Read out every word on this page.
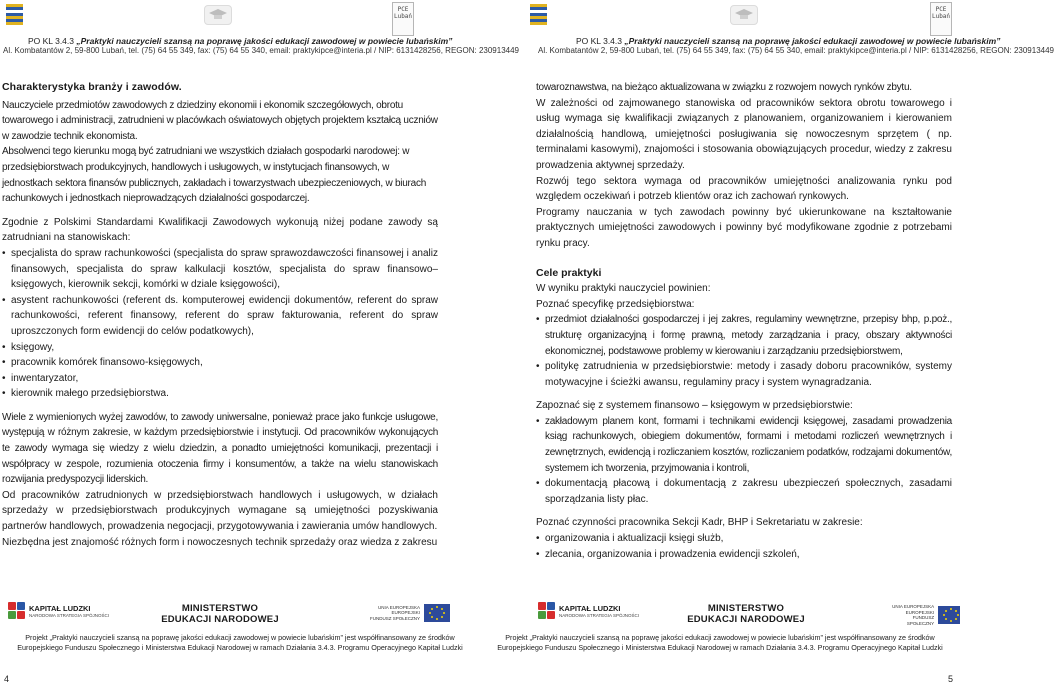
PCE Lubań
PO KL 3.4.3 „Praktyki nauczycieli szansą na poprawę jakości edukacji zawodowej w powiecie lubańskim”
Al. Kombatantów 2, 59-800 Lubań, tel. (75) 64 55 349, fax: (75) 64 55 340, email: praktykipce@interia.pl / NIP: 6131428256, REGON: 230913449

Charakterystyka branży i zawodów.

Nauczyciele przedmiotów zawodowych z dziedziny ekonomii i ekonomik szczegółowych, obrotu towarowego i administracji, zatrudnieni w placówkach oświatowych objętych projektem kształcą uczniów w zawodzie technik ekonomista.

Absolwenci tego kierunku mogą być zatrudniani we wszystkich działach gospodarki narodowej: w przedsiębiorstwach produkcyjnych, handlowych i usługowych, w instytucjach finansowych, w jednostkach sektora finansów publicznych, zakładach i towarzystwach ubezpieczeniowych, w biurach rachunkowych i jednostkach nieprowadzących działalności gospodarczej.

Zgodnie z Polskimi Standardami Kwalifikacji Zawodowych wykonują niżej podane zawody są zatrudniani na stanowiskach:

• specjalista do spraw rachunkowości (specjalista do spraw sprawozdawczości finansowej i analiz finansowych, specjalista do spraw kalkulacji kosztów, specjalista do spraw finansowo– księgowych, kierownik sekcji, komórki w dziale księgowości),
• asystent rachunkowości (referent ds. komputerowej ewidencji dokumentów, referent do spraw rachunkowości, referent finansowy, referent do spraw fakturowania, referent do spraw uproszczonych form ewidencji do celów podatkowych),
• księgowy,
• pracownik komórek finansowo-księgowych,
• inwentaryzator,
• kierownik małego przedsiębiorstwa.

Wiele z wymienionych wyżej zawodów, to zawody uniwersalne, ponieważ prace jako funkcje usługowe, występują w różnym zakresie, w każdym przedsiębiorstwie i instytucji. Od pracowników wykonujących te zawody wymaga się wiedzy z wielu dziedzin, a ponadto umiejętności komunikacji, prezentacji i współpracy w zespole, rozumienia otoczenia firmy i konsumentów, a także na wielu stanowiskach rozwijania predyspozycji liderskich.

Od pracowników zatrudnionych w przedsiębiorstwach handlowych i usługowych, w działach sprzedaży w przedsiębiorstwach produkcyjnych wymagane są umiejętności pozyskiwania partnerów handlowych, prowadzenia negocjacji, przygotowywania i zawierania umów handlowych.

Niezbędna jest znajomość różnych form i nowoczesnych technik sprzedaży oraz wiedza z zakresu

KAPITAŁ LUDZKI
NARODOWA STRATEGIA SPÓJNOŚCI
MINISTERSTWO
EDUKACJI NARODOWEJ
UNIA EUROPEJSKA
EUROPEJSKI
FUNDUSZ SPOŁECZNY
Projekt „Praktyki nauczycieli szansą na poprawę jakości edukacji zawodowej w powiecie lubańskim” jest współfinansowany ze środków
Europejskiego Funduszu Społecznego i Ministerstwa Edukacji Narodowej w ramach Działania 3.4.3. Programu Operacyjnego Kapitał Ludzki
4
PCE Lubań
PO KL 3.4.3 „Praktyki nauczycieli szansą na poprawę jakości edukacji zawodowej w powiecie lubańskim”
Al. Kombatantów 2, 59-800 Lubań, tel. (75) 64 55 349, fax: (75) 64 55 340, email: praktykipce@interia.pl / NIP: 6131428256, REGON: 230913449

towaroznawstwa, na bieżąco aktualizowana w związku z rozwojem nowych rynków zbytu.

W zależności od zajmowanego stanowiska od pracowników sektora obrotu towarowego i usług wymaga się kwalifikacji związanych z planowaniem, organizowaniem i kierowaniem działalnością handlową, umiejętności posługiwania się nowoczesnym sprzętem ( np. terminalami kasowymi), znajomości i stosowania obowiązujących procedur, wiedzy z zakresu prowadzenia aktywnej sprzedaży.

Rozwój tego sektora wymaga od pracowników umiejętności analizowania rynku pod względem oczekiwań i potrzeb klientów oraz ich zachowań rynkowych.

Programy nauczania w tych zawodach powinny być ukierunkowane na kształtowanie praktycznych umiejętności zawodowych i powinny być modyfikowane zgodnie z potrzebami rynku pracy.

Cele praktyki

W wyniku praktyki nauczyciel powinien:

Poznać specyfikę przedsiębiorstwa:

• przedmiot działalności gospodarczej i jej zakres, regulaminy wewnętrzne, przepisy bhp, p.poż., strukturę organizacyjną i formę prawną, metody zarządzania i pracy, obszary aktywności ekonomicznej, podstawowe problemy w kierowaniu i zarządzaniu przedsiębiorstwem,
• politykę zatrudnienia w przedsiębiorstwie: metody i zasady doboru pracowników, systemy motywacyjne i ścieżki awansu, regulaminy pracy i system wynagradzania.

Zapoznać się z systemem finansowo – księgowym w przedsiębiorstwie:

• zakładowym planem kont, formami i technikami ewidencji księgowej, zasadami prowadzenia ksiąg rachunkowych, obiegiem dokumentów, formami i metodami rozliczeń wewnętrznych i zewnętrznych, ewidencją i rozliczaniem kosztów, rozliczaniem podatków, rodzajami dokumentów, systemem ich tworzenia, przyjmowania i kontroli,
• dokumentacją płacową i dokumentacją z zakresu ubezpieczeń społecznych, zasadami sporządzania listy płac.

Poznać czynności pracownika Sekcji Kadr, BHP i Sekretariatu w zakresie:

• organizowania i aktualizacji księgi służb,
• zlecania, organizowania i prowadzenia ewidencji szkoleń,
KAPITAŁ LUDZKI
NARODOWA STRATEGIA SPÓJNOŚCI
MINISTERSTWO
EDUKACJI NARODOWEJ
UNIA EUROPEJSKA
EUROPEJSKI
FUNDUSZ SPOŁECZNY
Projekt „Praktyki nauczycieli szansą na poprawę jakości edukacji zawodowej w powiecie lubańskim” jest współfinansowany ze środków
Europejskiego Funduszu Społecznego i Ministerstwa Edukacji Narodowej w ramach Działania 3.4.3. Programu Operacyjnego Kapitał Ludzki
5
